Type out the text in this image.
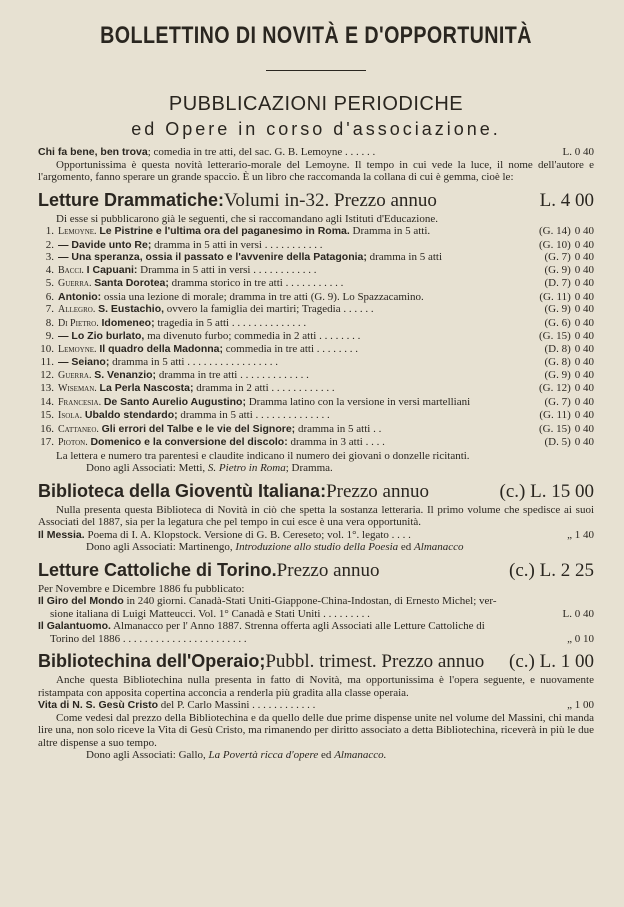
BOLLETTINO DI NOVITÀ E D'OPPORTUNITÀ
PUBBLICAZIONI PERIODICHE
ed Opere in corso d'associazione.
Chi fa bene, ben trova; comedia in tre atti, del sac. G. B. Lemoyne . . . . . .	L. 0 40
Opportunissima è questa novità letterario-morale del Lemoyne. Il tempo in cui vede la luce, il nome dell'autore e l'argomento, fanno sperare un grande spaccio. È un libro che raccomanda la collana di cui è gemma, cioè le:
Letture Drammatiche: Volumi in-32. Prezzo annuo	L. 4 00
Di esse si pubblicarono già le seguenti, che si raccomandano agli Istituti d'Educazione.
1. Lemoyne. Le Pistrine e l'ultima ora del paganesimo in Roma. Dramma in 5 atti.	(G. 14) 0 40
2. — Davide unto Re; dramma in 5 atti in versi . . . . . . . . . . .	(G. 10) 0 40
3. — Una speranza, ossia il passato e l'avvenire della Patagonia; dramma in 5 atti	(G. 7) 0 40
4. Bacci. I Capuani: Dramma in 5 atti in versi . . . . . . . . . . . .	(G. 9) 0 40
5. Guerra. Santa Dorotea; dramma storico in tre atti . . . . . . . . . . .	(D. 7) 0 40
6. Antonio: ossia una lezione di morale; dramma in tre atti (G. 9). Lo Spazzacamino.	(G. 11) 0 40
7. Allegro. S. Eustachio, ovvero la famiglia dei martiri; Tragedia . . . . . .	(G. 9) 0 40
8. Di Pietro. Idomeneo; tragedia in 5 atti . . . . . . . . . . . . . .	(G. 6) 0 40
9. — Lo Zio burlato, ma divenuto furbo; commedia in 2 atti . . . . . . . .	(G. 15) 0 40
10. Lemoyne. Il quadro della Madonna; commedia in tre atti . . . . . . . .	(D. 8) 0 40
11. — Seiano; dramma in 5 atti . . . . . . . . . . . . . . . . .	(G. 8) 0 40
12. Guerra. S. Venanzio; dramma in tre atti . . . . . . . . . . . . .	(G. 9) 0 40
13. Wiseman. La Perla Nascosta; dramma in 2 atti . . . . . . . . . . . .	(G. 12) 0 40
14. Francesia. De Santo Aurelio Augustino; Dramma latino con la versione in versi martelliani	(G. 7) 0 40
15. Isola. Ubaldo stendardo; dramma in 5 atti . . . . . . . . . . . . . .	(G. 11) 0 40
16. Cattaneo. Gli errori del Talbe e le vie del Signore; dramma in 5 atti . .	(G. 15) 0 40
17. Pioton. Domenico e la conversione del discolo: dramma in 3 atti . . . .	(D. 5) 0 40
La lettera e numero tra parentesi e claudite indicano il numero dei giovani o donzelle ricitanti.
Dono agli Associati: Metti, S. Pietro in Roma; Dramma.
Biblioteca della Gioventù Italiana: Prezzo annuo	(c.) L. 15 00
Nulla presenta questa Biblioteca di Novità in ciò che spetta la sostanza letteraria. Il primo volume che spedisce ai suoi Associati del 1887, sia per la legatura che pel tempo in cui esce è una vera opportunità.
Il Messia. Poema di I. A. Klopstock. Versione di G. B. Cereseto; vol. 1°. legato . . . .	„ 1 40
Dono agli Associati: Martinengo, Introduzione allo studio della Poesia ed Almanacco
Letture Cattoliche di Torino. Prezzo annuo	(c.) L. 2 25
Per Novembre e Dicembre 1886 fu pubblicato:
Il Giro del Mondo in 240 giorni. Canadà-Stati Uniti-Giappone-China-Indostan, di Ernesto Michel; ver-
sione italiana di Luigi Matteucci. Vol. 1° Canadà e Stati Uniti . . . . . . . . .	L. 0 40
Il Galantuomo. Almanacco per l' Anno 1887. Strenna offerta agli Associati alle Letture Cattoliche di
Torino del 1886 . . . . . . . . . . . . . . . . . . . . . . .	„ 0 10
Bibliotechina dell'Operaio; Pubbl. trimest. Prezzo annuo (c.) L. 1 00
Anche questa Bibliotechina nulla presenta in fatto di Novità, ma opportunissima è l'opera seguente, e nuovamente ristampata con apposita copertina acconcia a renderla più gradita alla classe operaia.
Vita di N. S. Gesù Cristo del P. Carlo Massini . . . . . . . . . . . .	„ 1 00
Come vedesi dal prezzo della Bibliotechina e da quello delle due prime dispense unite nel volume del Massini, chi manda lire una, non solo riceve la Vita di Gesù Cristo, ma rimanendo per diritto associato a detta Bibliotechina, riceverà in più le due altre dispense a suo tempo.
Dono agli Associati: Gallo, La Povertà ricca d'opere ed Almanacco.
